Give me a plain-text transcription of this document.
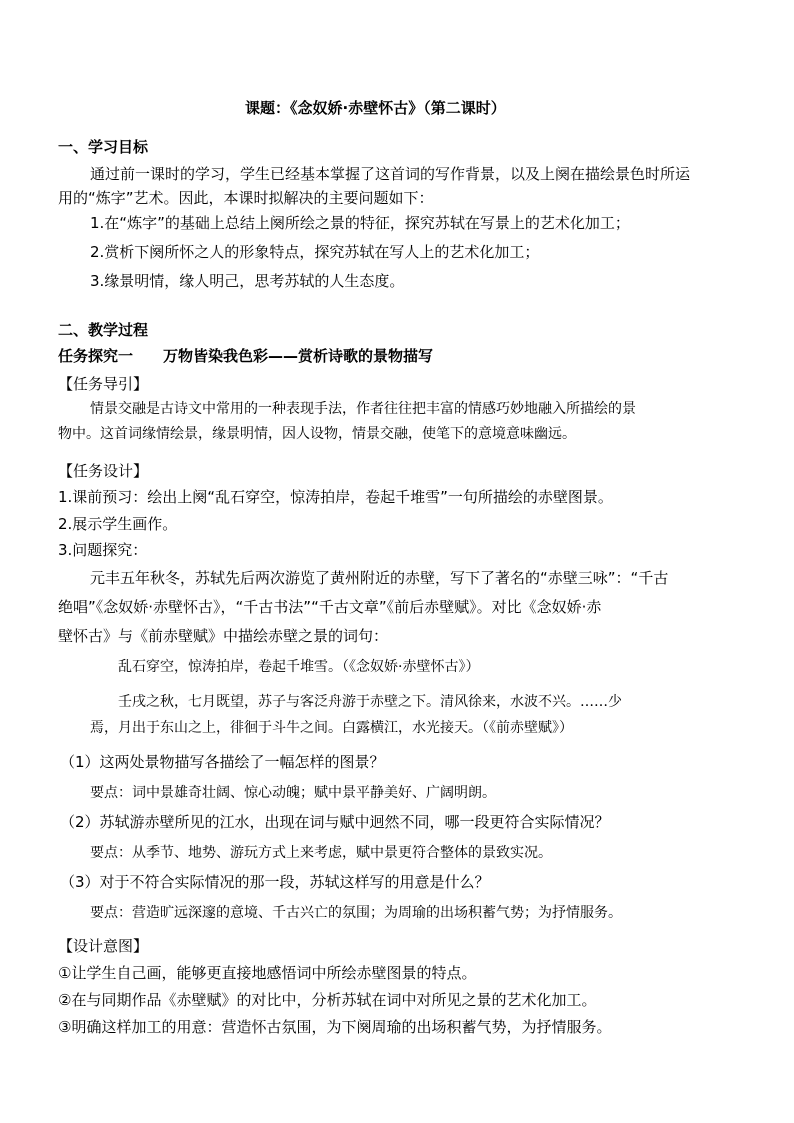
课题：《念奴娇·赤壁怀古》（第二课时）
一、学习目标
通过前一课时的学习，学生已经基本掌握了这首词的写作背景，以及上阕在描绘景色时所运
用的“炼字”艺术。因此，本课时拟解决的主要问题如下：
1.在“炼字”的基础上总结上阕所绘之景的特征，探究苏轼在写景上的艺术化加工；
2.赏析下阕所怀之人的形象特点，探究苏轼在写人上的艺术化加工；
3.缘景明情，缘人明己，思考苏轼的人生态度。
二、教学过程
任务探究一　　万物皆染我色彩——赏析诗歌的景物描写
【任务导引】
情景交融是古诗文中常用的一种表现手法，作者往往把丰富的情感巧妙地融入所描绘的景
物中。这首词缘情绘景，缘景明情，因人设物，情景交融，使笔下的意境意味幽远。
【任务设计】
1.课前预习：绘出上阕“乱石穿空，惊涛拍岸，卷起千堆雪”一句所描绘的赤壁图景。
2.展示学生画作。
3.问题探究：
元丰五年秋冬，苏轼先后两次游览了黄州附近的赤壁，写下了著名的“赤壁三咏”：“千古
绝唱”《念奴娇·赤壁怀古》，“千古书法”“千古文章”《前后赤壁赋》。对比《念奴娇·赤
壁怀古》与《前赤壁赋》中描绘赤壁之景的词句：
乱石穿空，惊涛拍岸，卷起千堆雪。（《念奴娇·赤壁怀古》）
壬戌之秋，七月既望，苏子与客泛舟游于赤壁之下。清风徐来，水波不兴。……少
焉，月出于东山之上，徘徊于斗牛之间。白露横江，水光接天。（《前赤壁赋》）
（1）这两处景物描写各描绘了一幅怎样的图景？
要点：词中景雄奇壮阔、惊心动魄；赋中景平静美好、广阔明朗。
（2）苏轼游赤壁所见的江水，出现在词与赋中迥然不同，哪一段更符合实际情况？
要点：从季节、地势、游玩方式上来考虑，赋中景更符合整体的景致实况。
（3）对于不符合实际情况的那一段，苏轼这样写的用意是什么？
要点：营造旷远深邃的意境、千古兴亡的氛围；为周瑜的出场积蓄气势；为抒情服务。
【设计意图】
①让学生自己画，能够更直接地感悟词中所绘赤壁图景的特点。
②在与同期作品《赤壁赋》的对比中，分析苏轼在词中对所见之景的艺术化加工。
③明确这样加工的用意：营造怀古氛围，为下阕周瑜的出场积蓄气势，为抒情服务。
